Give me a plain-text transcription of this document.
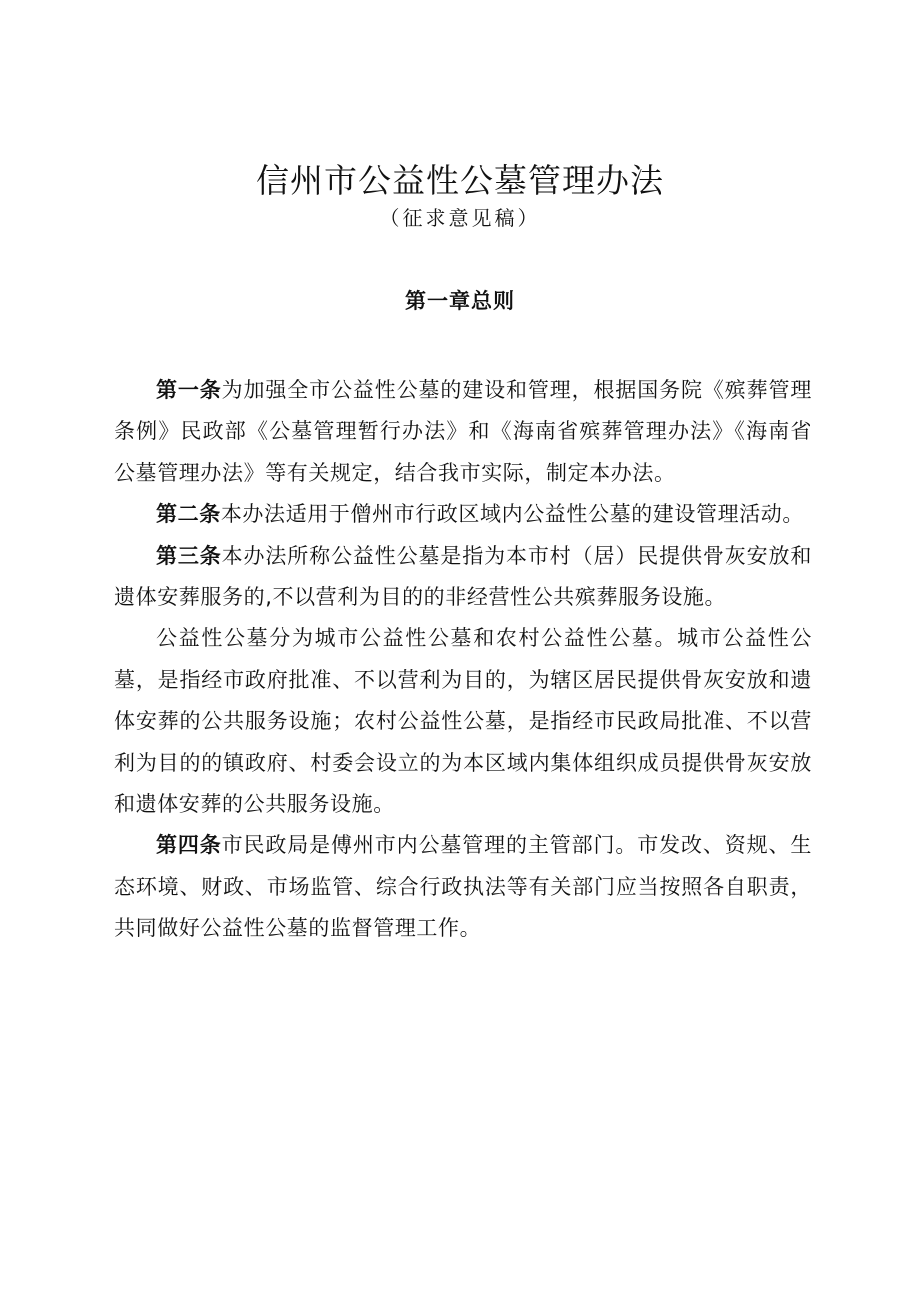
信州市公益性公墓管理办法

（征求意见稿）

第一章总则

第一条为加强全市公益性公墓的建设和管理，根据国务院《殡葬管理条例》民政部《公墓管理暂行办法》和《海南省殡葬管理办法》《海南省公墓管理办法》等有关规定，结合我市实际，制定本办法。

第二条本办法适用于僧州市行政区域内公益性公墓的建设管理活动。

第三条本办法所称公益性公墓是指为本市村（居）民提供骨灰安放和遗体安葬服务的,不以营利为目的的非经营性公共殡葬服务设施。

公益性公墓分为城市公益性公墓和农村公益性公墓。城市公益性公墓，是指经市政府批准、不以营利为目的，为辖区居民提供骨灰安放和遗体安葬的公共服务设施；农村公益性公墓，是指经市民政局批准、不以营利为目的的镇政府、村委会设立的为本区域内集体组织成员提供骨灰安放和遗体安葬的公共服务设施。

第四条市民政局是傅州市内公墓管理的主管部门。市发改、资规、生态环境、财政、市场监管、综合行政执法等有关部门应当按照各自职责，共同做好公益性公墓的监督管理工作。
